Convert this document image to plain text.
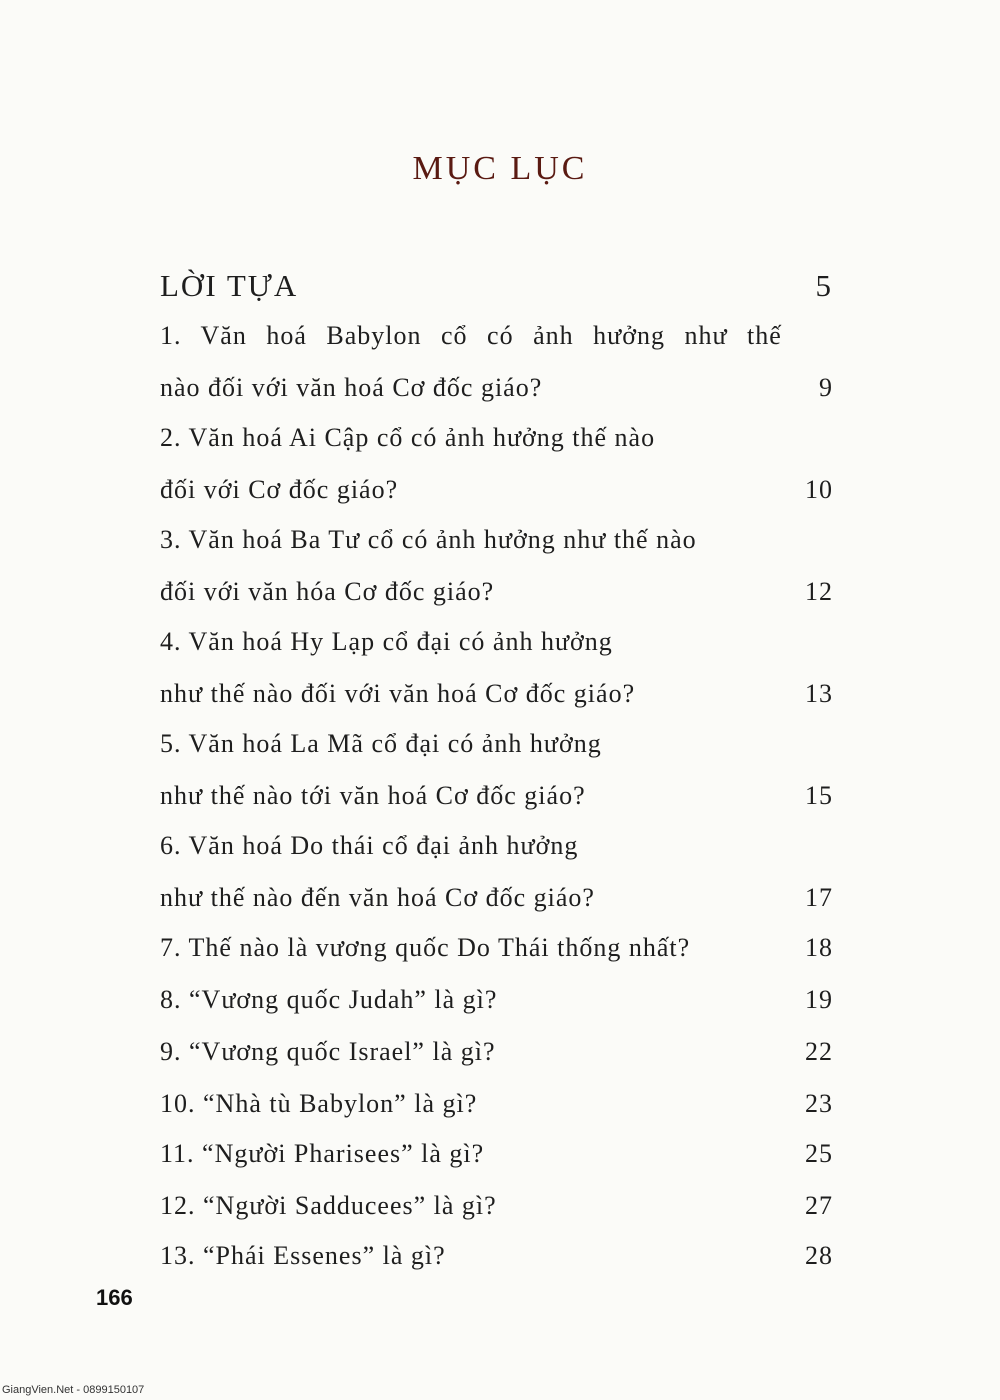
MỤC LỤC
LỜI TỰA	5
1. Văn hoá Babylon cổ có ảnh hưởng như thế
nào đối với văn hoá Cơ đốc giáo?	9
2. Văn hoá Ai Cập cổ có ảnh hưởng thế nào
đối với Cơ đốc giáo?	10
3. Văn hoá Ba Tư cổ có ảnh hưởng như thế nào
đối với văn hóa Cơ đốc giáo?	12
4. Văn hoá Hy Lạp cổ đại có ảnh hưởng
như thế nào đối với văn hoá Cơ đốc giáo?	13
5. Văn hoá La Mã cổ đại có ảnh hưởng
như thế nào tới văn hoá Cơ đốc giáo?	15
6. Văn hoá Do thái cổ đại ảnh hưởng
như thế nào đến văn hoá Cơ đốc giáo?	17
7. Thế nào là vương quốc Do Thái thống nhất?	18
8. “Vương quốc Judah” là gì?	19
9. “Vương quốc Israel” là gì?	22
10. “Nhà tù Babylon” là gì?	23
11. “Người Pharisees” là gì?	25
12. “Người Sadducees” là gì?	27
13. “Phái Essenes” là gì?	28
166
GiangVien.Net - 0899150107
